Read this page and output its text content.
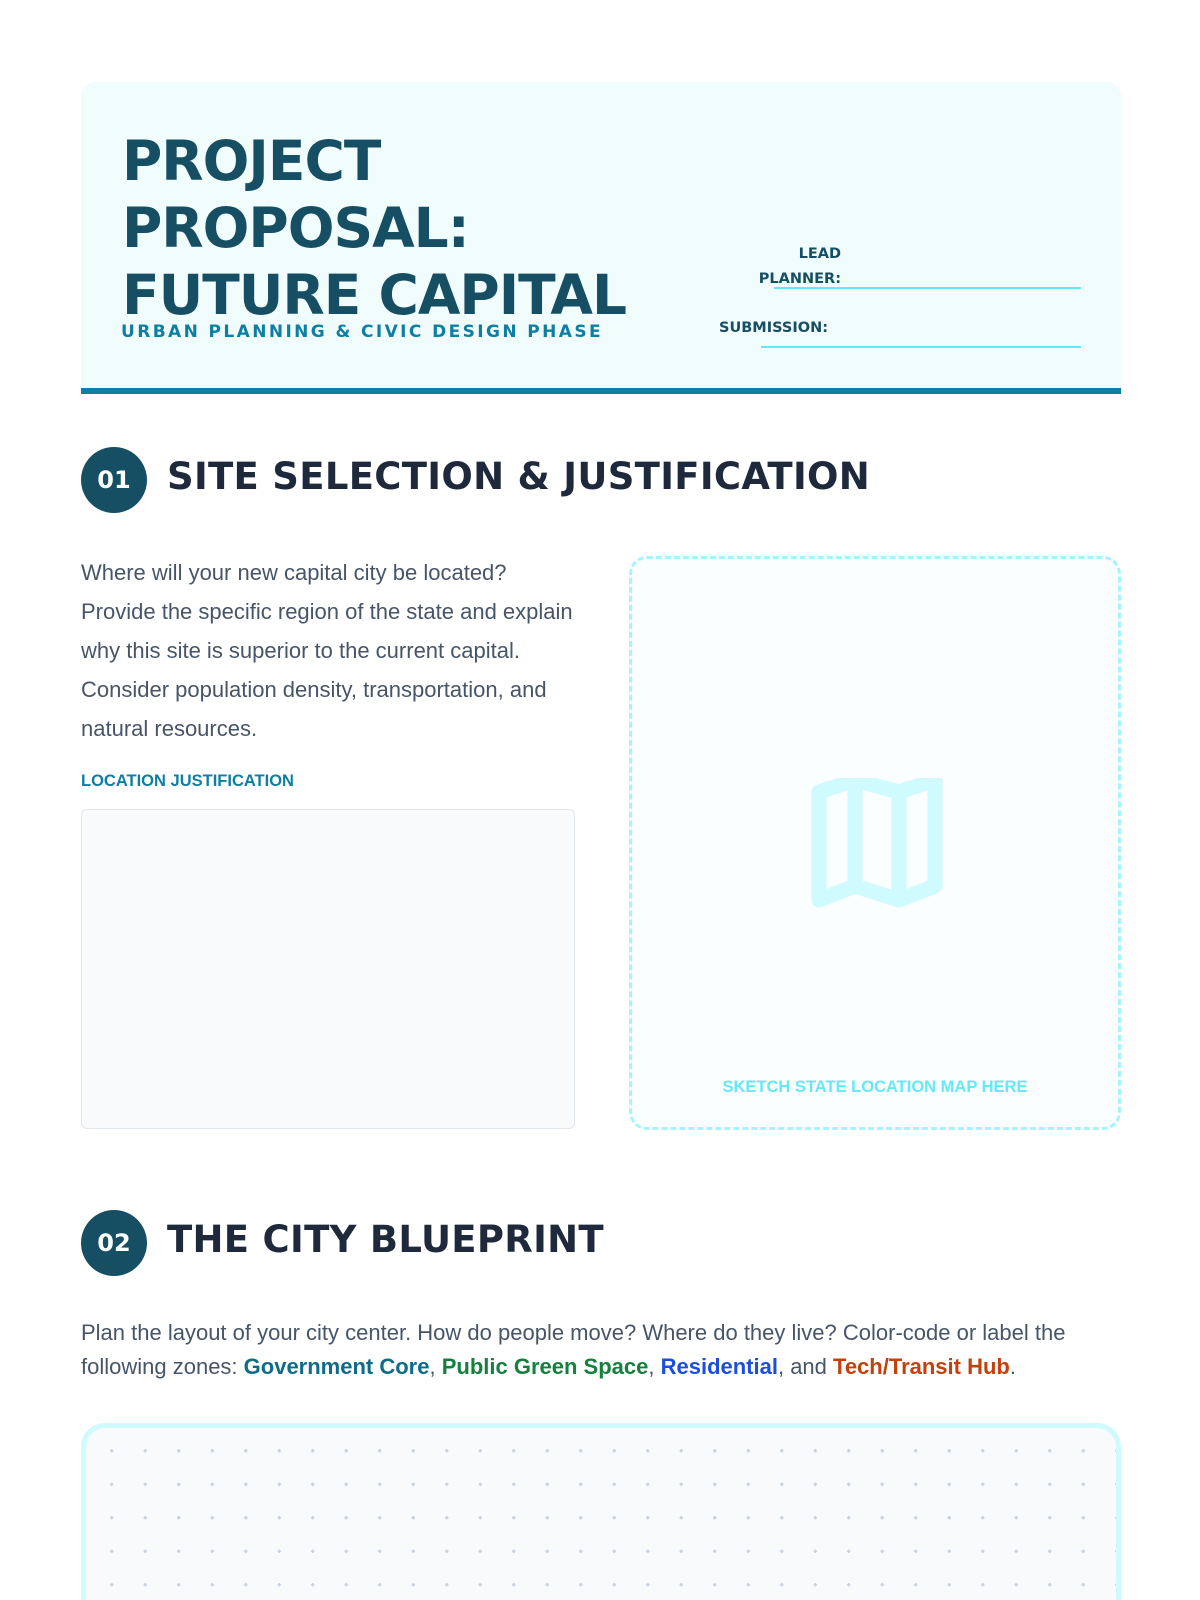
PROJECT
PROPOSAL:
FUTURE CAPITAL
URBAN PLANNING & CIVIC DESIGN PHASE
LEAD
PLANNER:
SUBMISSION:
01 SITE SELECTION & JUSTIFICATION

Where will your new capital city be located? Provide the specific region of the state and explain why this site is superior to the current capital. Consider population density, transportation, and natural resources.

LOCATION JUSTIFICATION
SKETCH STATE LOCATION MAP HERE
02 THE CITY BLUEPRINT

Plan the layout of your city center. How do people move? Where do they live? Color-code or label the following zones: Government Core, Public Green Space, Residential, and Tech/Transit Hub.
